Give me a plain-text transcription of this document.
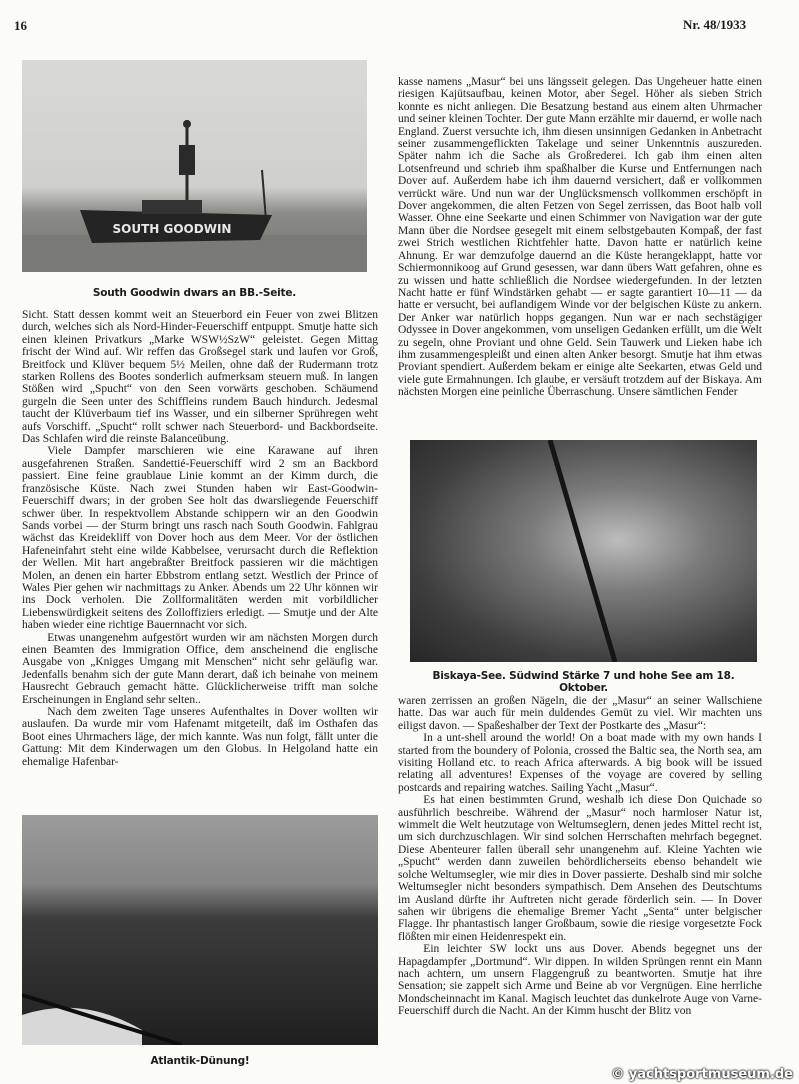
16	Nr. 48/1933
SOUTH GOODWIN
South Goodwin dwars an BB.-Seite.

Sicht. Statt dessen kommt weit an Steuerbord ein Feuer von zwei Blitzen durch, welches sich als Nord-Hinder-Feuerschiff entpuppt. Smutje hatte sich einen kleinen Privatkurs „Marke WSW½SzW“ geleistet. Gegen Mittag frischt der Wind auf. Wir reffen das Großsegel stark und laufen vor Groß, Breitfock und Klüver bequem 5½ Meilen, ohne daß der Rudermann trotz starken Rollens des Bootes sonderlich aufmerksam steuern muß. In langen Stößen wird „Spucht“ von den Seen vorwärts geschoben. Schäumend gurgeln die Seen unter des Schiffleins rundem Bauch hindurch. Jedesmal taucht der Klüverbaum tief ins Wasser, und ein silberner Sprühregen weht aufs Vorschiff. „Spucht“ rollt schwer nach Steuerbord- und Backbordseite. Das Schlafen wird die reinste Balanceübung.

Viele Dampfer marschieren wie eine Karawane auf ihren ausgefahrenen Straßen. Sandettié-Feuerschiff wird 2 sm an Backbord passiert. Eine feine graublaue Linie kommt an der Kimm durch, die französische Küste. Nach zwei Stunden haben wir East-Goodwin-Feuerschiff dwars; in der groben See holt das dwarsliegende Feuerschiff schwer über. In respektvollem Abstande schippern wir an den Goodwin Sands vorbei — der Sturm bringt uns rasch nach South Goodwin. Fahlgrau wächst das Kreidekliff von Dover hoch aus dem Meer. Vor der östlichen Hafeneinfahrt steht eine wilde Kabbelsee, verursacht durch die Reflektion der Wellen. Mit hart angebraßter Breitfock passieren wir die mächtigen Molen, an denen ein harter Ebbstrom entlang setzt. Westlich der Prince of Wales Pier gehen wir nachmittags zu Anker. Abends um 22 Uhr können wir ins Dock verholen. Die Zollformalitäten werden mit vorbildlicher Liebenswürdigkeit seitens des Zolloffiziers erledigt. — Smutje und der Alte haben wieder eine richtige Bauernnacht vor sich.

Etwas unangenehm aufgestört wurden wir am nächsten Morgen durch einen Beamten des Immigration Office, dem anscheinend die englische Ausgabe von „Knigges Umgang mit Menschen“ nicht sehr geläufig war. Jedenfalls benahm sich der gute Mann derart, daß ich beinahe von meinem Hausrecht Gebrauch gemacht hätte. Glücklicherweise trifft man solche Erscheinungen in England sehr selten..

Nach dem zweiten Tage unseres Aufenthaltes in Dover wollten wir auslaufen. Da wurde mir vom Hafenamt mitgeteilt, daß im Osthafen das Boot eines Uhrmachers läge, der mich kannte. Was nun folgt, fällt unter die Gattung: Mit dem Kinderwagen um den Globus. In Helgoland hatte ein ehemalige Hafenbar-

kasse namens „Masur“ bei uns längsseit gelegen. Das Ungeheuer hatte einen riesigen Kajütsaufbau, keinen Motor, aber Segel. Höher als sieben Strich konnte es nicht anliegen. Die Besatzung bestand aus einem alten Uhrmacher und seiner kleinen Tochter. Der gute Mann erzählte mir dauernd, er wolle nach England. Zuerst versuchte ich, ihm diesen unsinnigen Gedanken in Anbetracht seiner zusammengeflickten Takelage und seiner Unkenntnis auszureden. Später nahm ich die Sache als Großrederei. Ich gab ihm einen alten Lotsenfreund und schrieb ihm spaßhalber die Kurse und Entfernungen nach Dover auf. Außerdem habe ich ihm dauernd versichert, daß er vollkommen verrückt wäre. Und nun war der Unglücksmensch vollkommen erschöpft in Dover angekommen, die alten Fetzen von Segel zerrissen, das Boot halb voll Wasser. Ohne eine Seekarte und einen Schimmer von Navigation war der gute Mann über die Nordsee gesegelt mit einem selbstgebauten Kompaß, der fast zwei Strich westlichen Richtfehler hatte. Davon hatte er natürlich keine Ahnung. Er war demzufolge dauernd an die Küste herangeklappt, hatte vor Schiermonnikoog auf Grund gesessen, war dann übers Watt gefahren, ohne es zu wissen und hatte schließlich die Nordsee wiedergefunden. In der letzten Nacht hatte er fünf Windstärken gehabt — er sagte garantiert 10—11 — da hatte er versucht, bei auflandigem Winde vor der belgischen Küste zu ankern. Der Anker war natürlich hopps gegangen. Nun war er nach sechstägiger Odyssee in Dover angekommen, vom unseligen Gedanken erfüllt, um die Welt zu segeln, ohne Proviant und ohne Geld. Sein Tauwerk und Lieken habe ich ihm zusammengespleißt und einen alten Anker besorgt. Smutje hat ihm etwas Proviant spendiert. Außerdem bekam er einige alte Seekarten, etwas Geld und viele gute Ermahnungen. Ich glaube, er versäuft trotzdem auf der Biskaya. Am nächsten Morgen eine peinliche Überraschung. Unsere sämtlichen Fender

Biskaya-See. Südwind Stärke 7 und hohe See am 18. Oktober.

waren zerrissen an großen Nägeln, die der „Masur“ an seiner Wallschiene hatte. Das war auch für mein duldendes Gemüt zu viel. Wir machten uns eiligst davon. — Spaßeshalber der Text der Postkarte des „Masur“:

In a unt-shell around the world! On a boat made with my own hands I started from the boundery of Polonia, crossed the Baltic sea, the North sea, am visiting Holland etc. to reach Africa afterwards. A big book will be issued relating all adventures! Expenses of the voyage are covered by selling postcards and repairing watches. Sailing Yacht „Masur“.

Es hat einen bestimmten Grund, weshalb ich diese Don Quichade so ausführlich beschreibe. Während der „Masur“ noch harmloser Natur ist, wimmelt die Welt heutzutage von Weltumseglern, denen jedes Mittel recht ist, um sich durchzuschlagen. Wir sind solchen Herrschaften mehrfach begegnet. Diese Abenteurer fallen überall sehr unangenehm auf. Kleine Yachten wie „Spucht“ werden dann zuweilen behördlicherseits ebenso behandelt wie solche Weltumsegler, wie mir dies in Dover passierte. Deshalb sind mir solche Weltumsegler nicht besonders sympathisch. Dem Ansehen des Deutschtums im Ausland dürfte ihr Auftreten nicht gerade förderlich sein. — In Dover sahen wir übrigens die ehemalige Bremer Yacht „Senta“ unter belgischer Flagge. Ihr phantastisch langer Großbaum, sowie die riesige vorgesetzte Fock flößten mir einen Heidenrespekt ein.

Ein leichter SW lockt uns aus Dover. Abends begegnet uns der Hapagdampfer „Dortmund“. Wir dippen. In wilden Sprüngen rennt ein Mann nach achtern, um unsern Flaggengruß zu beantworten. Smutje hat ihre Sensation; sie zappelt sich Arme und Beine ab vor Vergnügen. Eine herrliche Mondscheinnacht im Kanal. Magisch leuchtet das dunkelrote Auge von Varne-Feuerschiff durch die Nacht. An der Kimm huscht der Blitz von

Atlantik-Dünung!
© yachtsportmuseum.de
